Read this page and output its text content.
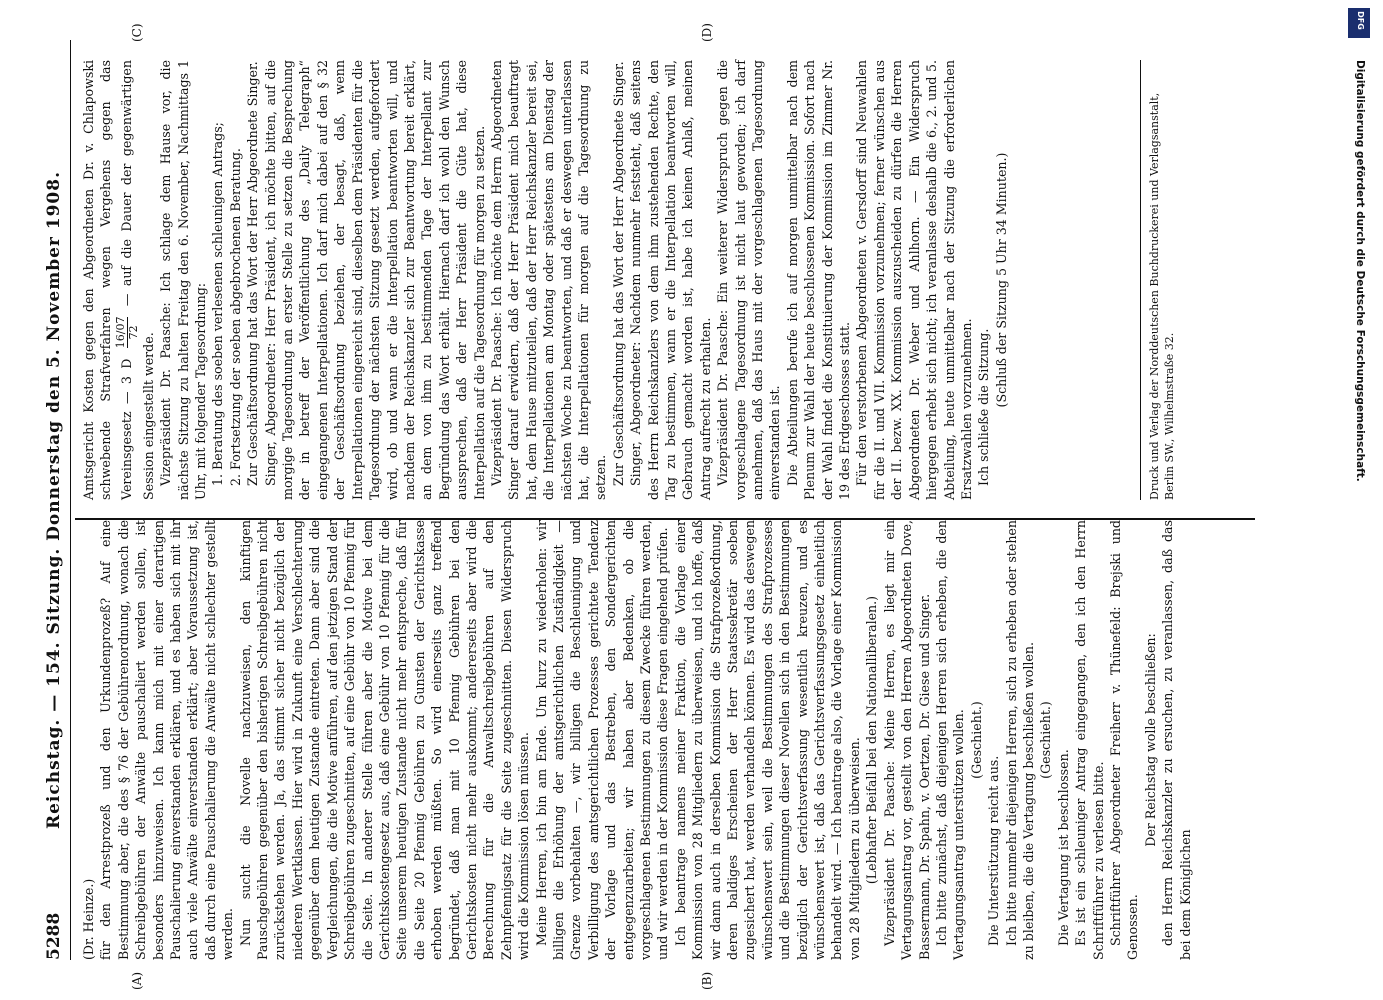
5288
Reichstag. — 154. Sitzung. Donnerstag den 5. November 1908.
(A)	(B)
(C)	(D)

(Dr. Heinze.) für den Arrestprozeß und den Urkundenprozeß? Auf eine Bestimmung aber, die des § 76 der Gebührenordnung, wonach die Schreibgebühren der Anwälte pauschaliert werden sollen, ist besonders hinzuweisen. Ich kann mich mit einer derartigen Pauschalierung einverstanden erklären, und es haben sich mit ihr auch viele Anwälte einverstanden erklärt; aber Voraussetzung ist, daß durch eine Pauschalierung die Anwälte nicht schlechter gestellt werden. Nun sucht die Novelle nachzuweisen, den künftigen Pauschgebühren gegenüber den bisherigen Schreibgebühren nicht zurückstehen werden. Ja, das stimmt sicher nicht bezüglich der niederen Wertklassen. Hier wird in Zukunft eine Verschlechterung gegenüber dem heutigen Zustande eintreten. Dann aber sind die Vergleichungen, die die Motive anführen, auf den jetzigen Stand der Schreibgebühren zugeschnitten, auf eine Gebühr von 10 Pfennig für die Seite. In anderer Stelle führen aber die Motive bei dem Gerichtskostengesetz aus, daß eine Gebühr von 10 Pfennig für die Seite unserem heutigen Zustande nicht mehr entspreche, daß für die Seite 20 Pfennig Gebühren zu Gunsten der Gerichtskasse erhoben werden müßten. So wird einerseits ganz treffend begründet, daß man mit 10 Pfennig Gebühren bei den Gerichtskosten nicht mehr auskommt; andererseits aber wird die Berechnung für die Anwaltschreibgebühren auf den Zehnpfennigsatz für die Seite zugeschnitten. Diesen Widerspruch wird die Kommission lösen müssen. Meine Herren, ich bin am Ende. Um kurz zu wiederholen: wir billigen die Erhöhung der amtsgerichtlichen Zuständigkeit — Grenze vorbehalten —, wir billigen die Beschleunigung und Verbilligung des amtsgerichtlichen Prozesses gerichtete Tendenz der Vorlage und das Bestreben, den Sondergerichten entgegenzuarbeiten; wir haben aber Bedenken, ob die vorgeschlagenen Bestimmungen zu diesem Zwecke führen werden, und wir werden in der Kommission diese Fragen eingehend prüfen. Ich beantrage namens meiner Fraktion, die Vorlage einer Kommission von 28 Mitgliedern zu überweisen, und ich hoffe, daß wir dann auch in derselben Kommission die Strafprozeßordnung, deren baldiges Erscheinen der Herr Staatssekretär soeben zugesichert hat, werden verhandeln können. Es wird das deswegen wünschenswert sein, weil die Bestimmungen des Strafprozesses und die Bestimmungen dieser Novellen sich in den Bestimmungen bezüglich der Gerichtsverfassung wesentlich kreuzen, und es wünschenswert ist, daß das Gerichtsverfassungsgesetz einheitlich behandelt wird. — Ich beantrage also, die Vorlage einer Kommission von 28 Mitgliedern zu überweisen. (Lebhafter Beifall bei den Nationalliberalen.) Vizepräsident Dr. Paasche: Meine Herren, es liegt mir ein Vertagungsantrag vor, gestellt von den Herren Abgeordneten Dove, Bassermann, Dr. Spahn, v. Oertzen, Dr. Giese und Singer. Ich bitte zunächst, daß diejenigen Herren sich erheben, die den Vertagungsantrag unterstützen wollen. (Geschieht.)

Die Unterstützung reicht aus. Ich bitte nunmehr diejenigen Herren, sich zu erheben oder stehen zu bleiben, die die Vertagung beschließen wollen. (Geschieht.)

Die Vertagung ist beschlossen. Es ist ein schleuniger Antrag eingegangen, den ich den Herrn Schriftführer zu verlesen bitte. Schriftführer Abgeordneter Freiherr v. Thünefeld: Brejski und Genossen.

Der Reichstag wolle beschließen: den Herrn Reichskanzler zu ersuchen, zu veranlassen, daß das bei dem Königlichen

Amtsgericht Kosten gegen den Abgeordneten Dr. v. Chlapowski schwebende Strafverfahren wegen Vergehens gegen das Vereinsgesetz — 3 D
16/07 72
— auf die Dauer der gegenwärtigen Session eingestellt werde. Vizepräsident Dr. Paasche: Ich schlage dem Hause vor, die nächste Sitzung zu halten Freitag den 6. November, Nachmittags 1 Uhr, mit folgender Tagesordnung: 1. Beratung des soeben verlesenen schleunigen Antrags; 2. Fortsetzung der soeben abgebrochenen Beratung. Zur Geschäftsordnung hat das Wort der Herr Abgeordnete Singer. Singer, Abgeordneter: Herr Präsident, ich möchte bitten, auf die morgige Tagesordnung an erster Stelle zu setzen die Besprechung der in betreff der Veröffentlichung des „Daily Telegraph“ eingegangenen Interpellationen. Ich darf mich dabei auf den § 32 der Geschäftsordnung beziehen, der besagt, daß, wenn Interpellationen eingereicht sind, dieselben dem Präsidenten für die Tagesordnung der nächsten Sitzung gesetzt werden, aufgefordert wird, ob und wann er die Interpellation beantworten will, und nachdem der Reichskanzler sich zur Beantwortung bereit erklärt, an dem von ihm zu bestimmenden Tage der Interpellant zur Begründung das Wort erhält. Hiernach darf ich wohl den Wunsch aussprechen, daß der Herr Präsident die Güte hat, diese Interpellation auf die Tagesordnung für morgen zu setzen. Vizepräsident Dr. Paasche: Ich möchte dem Herrn Abgeordneten Singer darauf erwidern, daß der Herr Präsident mich beauftragt hat, dem Hause mitzuteilen, daß der Herr Reichskanzler bereit sei, die Interpellationen am Montag oder spätestens am Dienstag der nächsten Woche zu beantworten, und daß er deswegen unterlassen hat, die Interpellationen für morgen auf die Tagesordnung zu setzen. Zur Geschäftsordnung hat das Wort der Herr Abgeordnete Singer. Singer, Abgeordneter: Nachdem nunmehr feststeht, daß seitens des Herrn Reichskanzlers von dem ihm zustehenden Rechte, den Tag zu bestimmen, wann er die Interpellation beantworten will, Gebrauch gemacht worden ist, habe ich keinen Anlaß, meinen Antrag aufrecht zu erhalten. Vizepräsident Dr. Paasche: Ein weiterer Widerspruch gegen die vorgeschlagene Tagesordnung ist nicht laut geworden; ich darf annehmen, daß das Haus mit der vorgeschlagenen Tagesordnung einverstanden ist. Die Abteilungen berufe ich auf morgen unmittelbar nach dem Plenum zur Wahl der heute beschlossenen Kommission. Sofort nach der Wahl findet die Konstituierung der Kommission im Zimmer Nr. 19 des Erdgeschosses statt. Für den verstorbenen Abgeordneten v. Gersdorff sind Neuwahlen für die II. und VII. Kommission vorzunehmen; ferner wünschen aus der II. bezw. XX. Kommission auszuscheiden zu dürfen die Herren Abgeordneten Dr. Weber und Ahlhorn. — Ein Widerspruch hiergegen erhebt sich nicht; ich veranlasse deshalb die 6., 2. und 5. Abteilung, heute unmittelbar nach der Sitzung die erforderlichen Ersatzwahlen vorzunehmen. Ich schließe die Sitzung. (Schluß der Sitzung 5 Uhr 34 Minuten.)	Druck und Verlag der Norddeutschen Buchdruckerei und Verlagsanstalt, Berlin SW., Wilhelmstraße 32.
DFG
Digitalisierung gefördert durch die Deutsche Forschungsgemeinschaft.
